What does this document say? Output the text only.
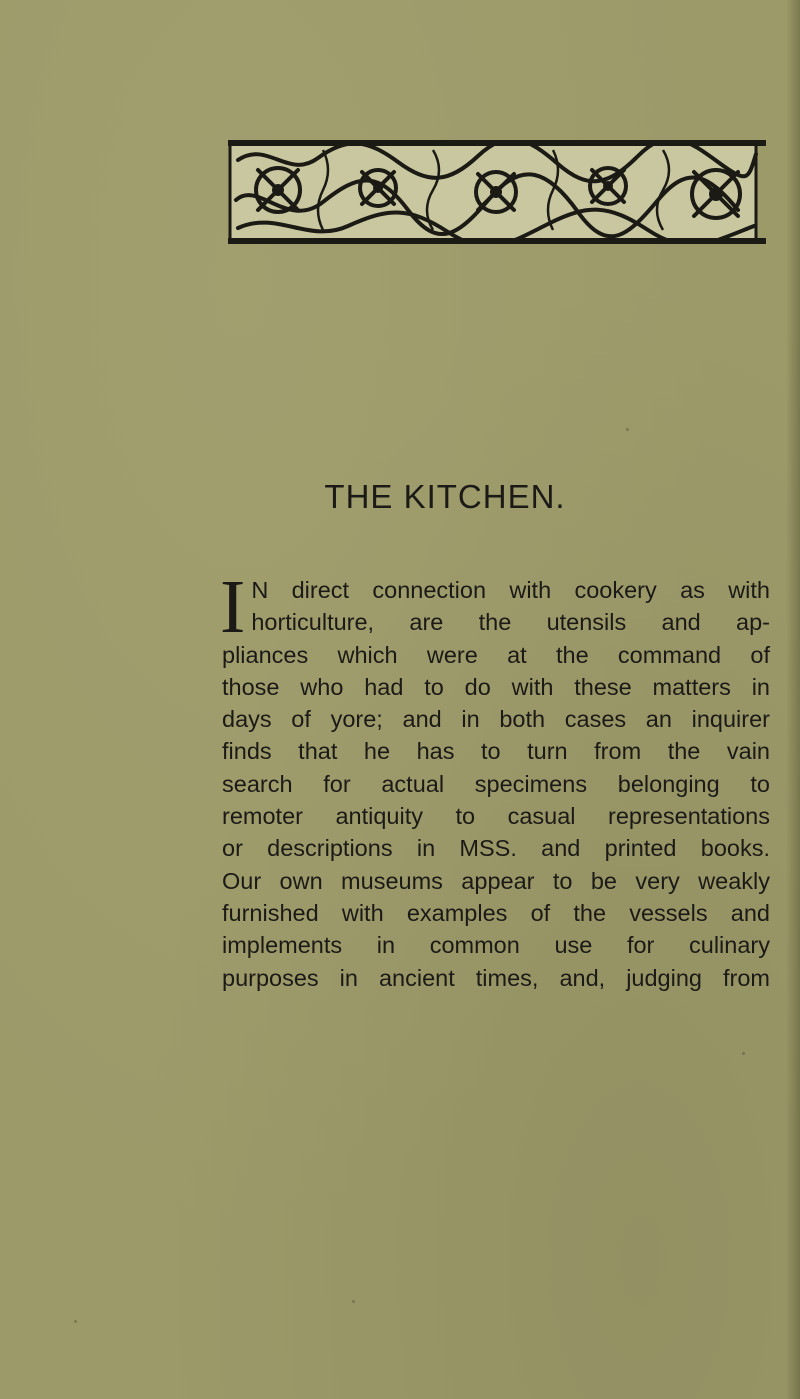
THE KITCHEN.
I N direct connection with cookery as with
horticulture, are the utensils and ap-
pliances which were at the command of
those who had to do with these matters in
days of yore; and in both cases an inquirer
finds that he has to turn from the vain
search for actual specimens belonging to
remoter antiquity to casual representations
or descriptions in MSS. and printed books.
Our own museums appear to be very weakly
furnished with examples of the vessels and
implements in common use for culinary
purposes in ancient times, and, judging from
